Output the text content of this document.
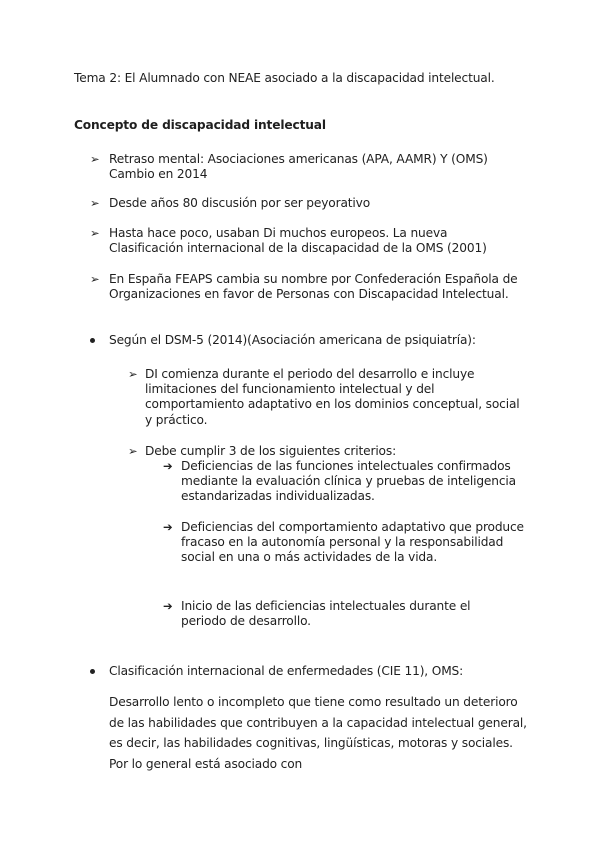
Tema 2: El Alumnado con NEAE asociado a la discapacidad intelectual.

Concepto de discapacidad intelectual

➢ Retraso mental: Asociaciones americanas (APA, AAMR) Y (OMS) Cambio en 2014

➢ Desde años 80 discusión por ser peyorativo

➢ Hasta hace poco, usaban Di muchos europeos. La nueva Clasificación internacional de la discapacidad de la OMS (2001)

➢ En España FEAPS cambia su nombre por Confederación Española de Organizaciones en favor de Personas con Discapacidad Intelectual.

Según el DSM-5 (2014)(Asociación americana de psiquiatría):

➢ DI comienza durante el periodo del desarrollo e incluye limitaciones del funcionamiento intelectual y del comportamiento adaptativo en los dominios conceptual, social y práctico.

➢ Debe cumplir 3 de los siguientes criterios:

➔ Deficiencias de las funciones intelectuales confirmados mediante la evaluación clínica y pruebas de inteligencia estandarizadas individualizadas.

➔ Deficiencias del comportamiento adaptativo que produce fracaso en la autonomía personal y la responsabilidad social en una o más actividades de la vida.

➔ Inicio de las deficiencias intelectuales durante el periodo de desarrollo.

Clasificación internacional de enfermedades (CIE 11), OMS:

Desarrollo lento o incompleto que tiene como resultado un deterioro de las habilidades que contribuyen a la capacidad intelectual general, es decir, las habilidades cognitivas, lingüísticas, motoras y sociales. Por lo general está asociado con
